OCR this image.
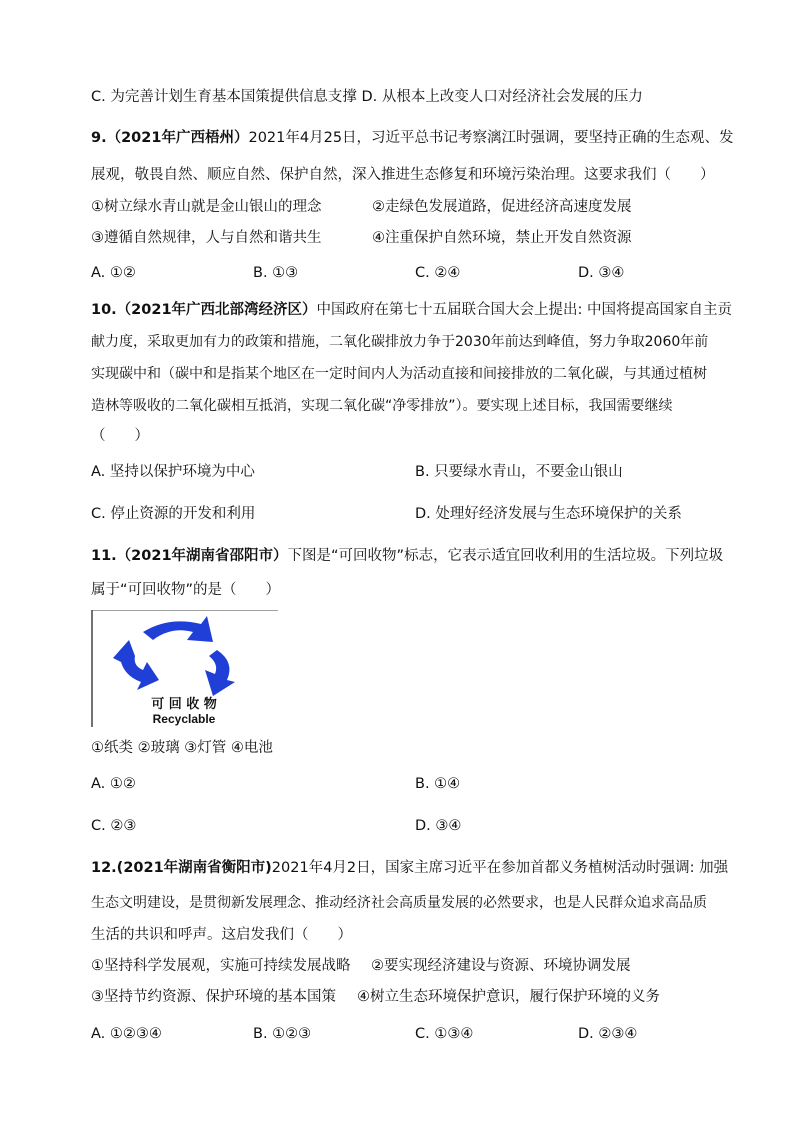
C. 为完善计划生育基本国策提供信息支撑 D. 从根本上改变人口对经济社会发展的压力
9.（2021年广西梧州）2021年4月25日，习近平总书记考察漓江时强调，要坚持正确的生态观、发
展观，敬畏自然、顺应自然、保护自然，深入推进生态修复和环境污染治理。这要求我们（　　）
①树立绿水青山就是金山银山的理念	②走绿色发展道路，促进经济高速度发展
③遵循自然规律，人与自然和谐共生	④注重保护自然环境，禁止开发自然资源
A. ①②	B. ①③	C. ②④	D. ③④
10.（2021年广西北部湾经济区）中国政府在第七十五届联合国大会上提出: 中国将提高国家自主贡
献力度，采取更加有力的政策和措施，二氧化碳排放力争于2030年前达到峰值，努力争取2060年前
实现碳中和（碳中和是指某个地区在一定时间内人为活动直接和间接排放的二氧化碳，与其通过植树
造林等吸收的二氧化碳相互抵消，实现二氧化碳“净零排放”）。要实现上述目标，我国需要继续
（　　）
A. 坚持以保护环境为中心	B. 只要绿水青山，不要金山银山
C. 停止资源的开发和利用	D. 处理好经济发展与生态环境保护的关系
11.（2021年湖南省邵阳市）下图是“可回收物”标志，它表示适宜回收利用的生活垃圾。下列垃圾
属于“可回收物”的是（　　）
可 回 收 物
Recyclable
①纸类 ②玻璃 ③灯管 ④电池
A. ①②	B. ①④
C. ②③	D. ③④
12.(2021年湖南省衡阳市)2021年4月2日，国家主席习近平在参加首都义务植树活动时强调: 加强
生态文明建设，是贯彻新发展理念、推动经济社会高质量发展的必然要求，也是人民群众追求高品质
生活的共识和呼声。这启发我们（　　）
①坚持科学发展观，实施可持续发展战略 ②要实现经济建设与资源、环境协调发展
③坚持节约资源、保护环境的基本国策 ④树立生态环境保护意识，履行保护环境的义务
A. ①②③④	B. ①②③	C. ①③④	D. ②③④
